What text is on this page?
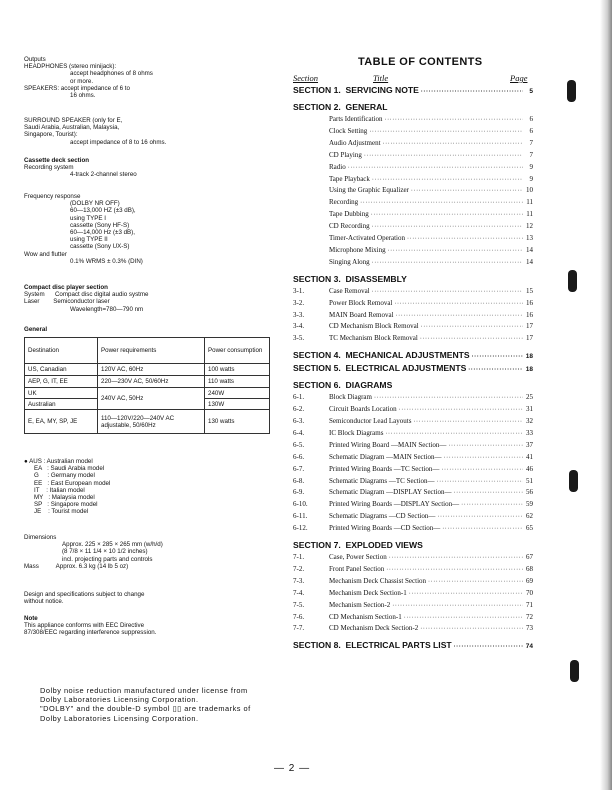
Outputs
HEADPHONES (stereo minijack):
accept headphones of 8 ohms
or more.
SPEAKERS: accept impedance of 6 to
16 ohms.
SURROUND SPEAKER (only for E,
Saudi Arabia, Australian, Malaysia,
Singapore, Tourist):
accept impedance of 8 to 16 ohms.
Cassette deck section
Recording system
4-track 2-channel stereo
Frequency response
(DOLBY NR OFF)
60—13,000 HZ (±3 dB),
using TYPE I
cassette (Sony HF-S)
60—14,000 Hz (±3 dB),
using TYPE II
cassette (Sony UX-S)
Wow and flutter
0.1% WRMS ± 0.3% (DIN)
Compact disc player section
System      Compact disc digital audio systme
Laser        Semiconductor laser
Wavelength=780—790 nm
General
Destination	Power requirements	Power consumption
US, Canadian	120V AC, 60Hz	100 watts
AEP, G, IT, EE	220—230V AC, 50/60Hz	110 watts
UK	240V AC, 50Hz	240W
Australian		130W
E, EA, MY, SP, JE	110—120V/220—240V AC adjustable, 50/60Hz	130 watts
● AUS : Australian model
EA   : Saudi Arabia model
G     : Germany model
EE   : East European model
IT    : Italian model
MY   : Malaysia model
SP   : Singapore model
JE    : Tourist model
Dimensions
Approx. 225 × 285 × 265 mm (w/h/d)
(8 7/8 × 11 1/4 × 10 1/2 inches)
incl. projecting parts and controls
Mass          Approx. 6.3 kg (14 lb 5 oz)
Design and specifications subject to change
without notice.
Note
This appliance conforms with EEC Directive
87/308/EEC regarding interference suppression.
TABLE OF CONTENTS
Section	Title	Page
SECTION 1.  SERVICING NOTE ·····	5
SECTION 2.  GENERAL
Parts Identification ·····	6
Clock Setting ·····	6
Audio Adjustment ·····	7
CD Playing ·····	7
Radio ·····	9
Tape Playback ·····	9
Using the Graphic Equalizer ·····	10
Recording ·····	11
Tape Dubbing ·····	11
CD Recording ·····	12
Timer-Activated Operation ·····	13
Microphone Mixing ·····	14
Singing Along ·····	14
SECTION 3.  DISASSEMBLY
3-1.	Case Removal ·····	15
3-2.	Power Block Removal ·····	16
3-3.	MAIN Board Removal ·····	16
3-4.	CD Mechanism Block Removal ·····	17
3-5.	TC Mechanism Block Removal ·····	17
SECTION 4.  MECHANICAL ADJUSTMENTS ·····	18
SECTION 5.  ELECTRICAL ADJUSTMENTS ·····	18
SECTION 6.  DIAGRAMS
6-1.	Block Diagram ·····	25
6-2.	Circuit Boards Location ·····	31
6-3.	Semiconductor Lead Layouts ·····	32
6-4.	IC Block Diagrams ·····	33
6-5.	Printed Wiring Board —MAIN Section— ·····	37
6-6.	Schematic Diagram —MAIN Section— ·····	41
6-7.	Printed Wiring Boards —TC Section— ·····	46
6-8.	Schematic Diagrams —TC Section— ·····	51
6-9.	Schematic Diagram —DISPLAY Section— ·····	56
6-10.	Printed Wiring Boards —DISPLAY Section— ·····	59
6-11.	Schematic Diagrams —CD Section— ·····	62
6-12.	Printed Wiring Boards —CD Section— ·····	65
SECTION 7.  EXPLODED VIEWS
7-1.	Case, Power Section ·····	67
7-2.	Front Panel Section ·····	68
7-3.	Mechanism Deck Chassist Section ·····	69
7-4.	Mechanism Deck Section-1 ·····	70
7-5.	Mechanism Section-2 ·····	71
7-6.	CD Mechanism Section-1 ·····	72
7-7.	CD Mechanism Deck Section-2 ·····	73
SECTION 8.  ELECTRICAL PARTS LIST ·····	74
Dolby noise reduction manufactured under license from
Dolby Laboratories Licensing Corporation.
"DOLBY" and the double-D symbol ▯▯ are trademarks of
Dolby Laboratories Licensing Corporation.
— 2 —
